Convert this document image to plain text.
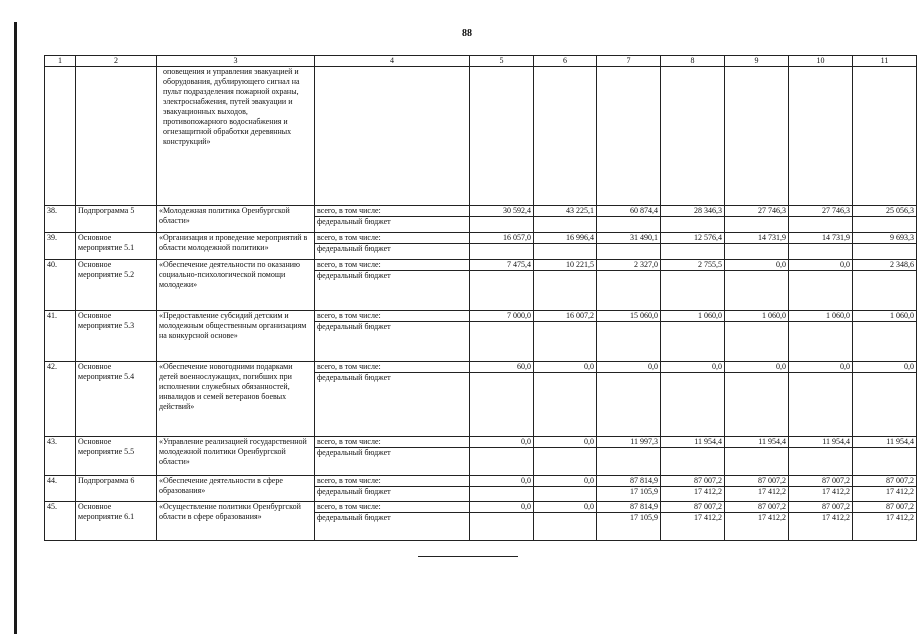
88
1	2	3	4	5	6	7	8	9	10	11
		оповещения и управления эвакуацией и оборудования, дублирующего сигнал на пульт подразделения пожарной охраны, электроснабжения, путей эвакуации и эвакуационных выходов, противопожарного водоснабжения и огнезащитной обработки деревянных конструкций»								
38.	Подпрограмма 5	«Молодежная политика Оренбургской области»	всего, в том числе:	30 592,4	43 225,1	60 874,4	28 346,3	27 746,3	27 746,3	25 056,3
			федеральный бюджет							
39.	Основное мероприятие 5.1	«Организация и проведение мероприятий в области молодежной политики»	всего, в том числе:	16 057,0	16 996,4	31 490,1	12 576,4	14 731,9	14 731,9	9 693,3
			федеральный бюджет							
40.	Основное мероприятие 5.2	«Обеспечение деятельности по оказанию социально-психологической помощи молодежи»	всего, в том числе:	7 475,4	10 221,5	2 327,0	2 755,5	0,0	0,0	2 348,6
			федеральный бюджет							
41.	Основное мероприятие 5.3	«Предоставление субсидий детским и молодежным общественным организациям на конкурсной основе»	всего, в том числе:	7 000,0	16 007,2	15 060,0	1 060,0	1 060,0	1 060,0	1 060,0
			федеральный бюджет							
42.	Основное мероприятие 5.4	«Обеспечение новогодними подарками детей военнослужащих, погибших при исполнении служебных обязанностей, инвалидов и семей ветеранов боевых действий»	всего, в том числе:	60,0	0,0	0,0	0,0	0,0	0,0	0,0
			федеральный бюджет							
43.	Основное мероприятие 5.5	«Управление реализацией государственной молодежной политики Оренбургской области»	всего, в том числе:	0,0	0,0	11 997,3	11 954,4	11 954,4	11 954,4	11 954,4
			федеральный бюджет							
44.	Подпрограмма 6	«Обеспечение деятельности в сфере образования»	всего, в том числе:	0,0	0,0	87 814,9	87 007,2	87 007,2	87 007,2	87 007,2
			федеральный бюджет			17 105,9	17 412,2	17 412,2	17 412,2	17 412,2
45.	Основное мероприятие 6.1	«Осуществление политики Оренбургской области в сфере образования»	всего, в том числе:	0,0	0,0	87 814,9	87 007,2	87 007,2	87 007,2	87 007,2
			федеральный бюджет			17 105,9	17 412,2	17 412,2	17 412,2	17 412,2
